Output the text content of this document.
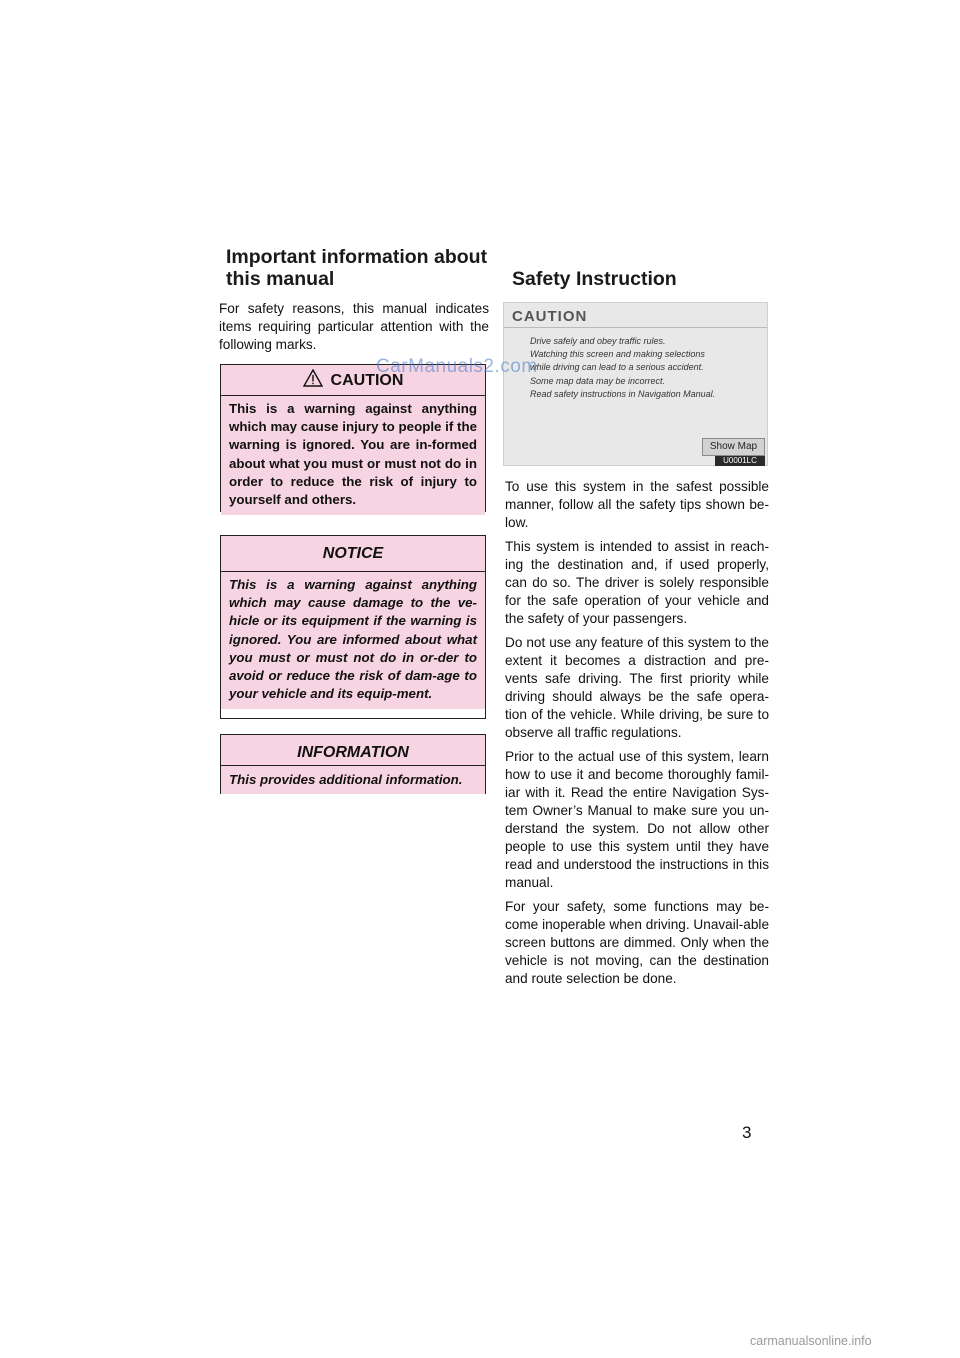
Important information about this manual	Safety Instruction
For safety reasons, this manual indicates items requiring particular attention with the following marks.
CAUTION
This is a warning against anything which may cause injury to people if the warning is ignored. You are in-formed about what you must or must not do in order to reduce the risk of injury to yourself and others.
NOTICE
This is a warning against anything which may cause damage to the ve-hicle or its equipment if the warning is ignored. You are informed about what you must or must not do in or-der to avoid or reduce the risk of dam-age to your vehicle and its equip-ment.
INFORMATION
This provides additional information.
CAUTION
Drive safely and obey traffic rules.
Watching this screen and making selections
while driving can lead to a serious accident.
Some map data may be incorrect.
Read safety instructions in Navigation Manual.
Show Map
U0001LC

To use this system in the safest possible manner, follow all the safety tips shown be-low.

This system is intended to assist in reach-ing the destination and, if used properly, can do so. The driver is solely responsible for the safe operation of your vehicle and the safety of your passengers.

Do not use any feature of this system to the extent it becomes a distraction and pre-vents safe driving. The first priority while driving should always be the safe opera-tion of the vehicle. While driving, be sure to observe all traffic regulations.

Prior to the actual use of this system, learn how to use it and become thoroughly famil-iar with it. Read the entire Navigation Sys-tem Owner’s Manual to make sure you un-derstand the system. Do not allow other people to use this system until they have read and understood the instructions in this manual.

For your safety, some functions may be-come inoperable when driving. Unavail-able screen buttons are dimmed. Only when the vehicle is not moving, can the destination and route selection be done.

CarManuals2.com
3
carmanualsonline.info
